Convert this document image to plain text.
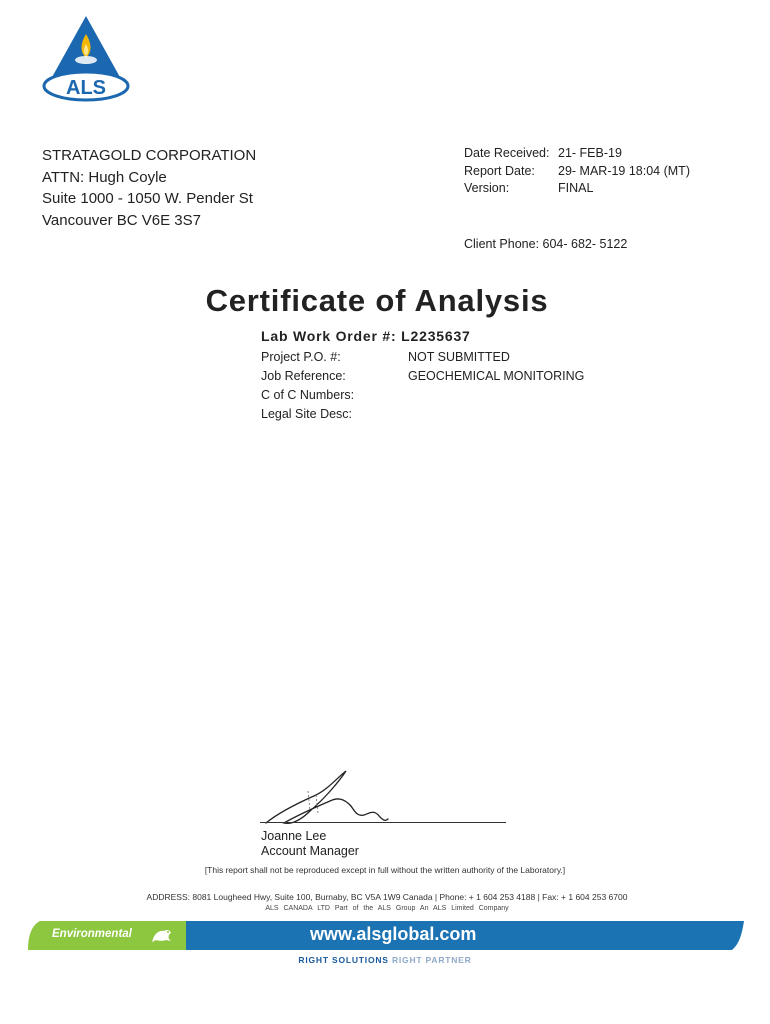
ALS
STRATAGOLD CORPORATION
ATTN: Hugh Coyle
Suite 1000 - 1050 W. Pender St
Vancouver BC V6E 3S7
Date Received: 21- FEB-19
Report Date:	29- MAR-19 18:04 (MT)
Version:	FINAL
Client Phone: 604- 682- 5122
Certificate of Analysis
Lab Work Order #: L2235637
Project P.O. #:	NOT SUBMITTED
Job Reference:	GEOCHEMICAL MONITORING
C of C Numbers:
Legal Site Desc:
Joanne Lee
Account Manager
[This report shall not be reproduced except in full without the written authority of the Laboratory.]
ADDRESS: 8081 Lougheed Hwy, Suite 100, Burnaby, BC V5A 1W9 Canada | Phone: + 1 604 253 4188 | Fax: + 1 604 253 6700
ALS CANADA LTD Part of the ALS Group An ALS Limited Company
Environmental	www.alsglobal.com
RIGHT SOLUTIONS RIGHT PARTNER
